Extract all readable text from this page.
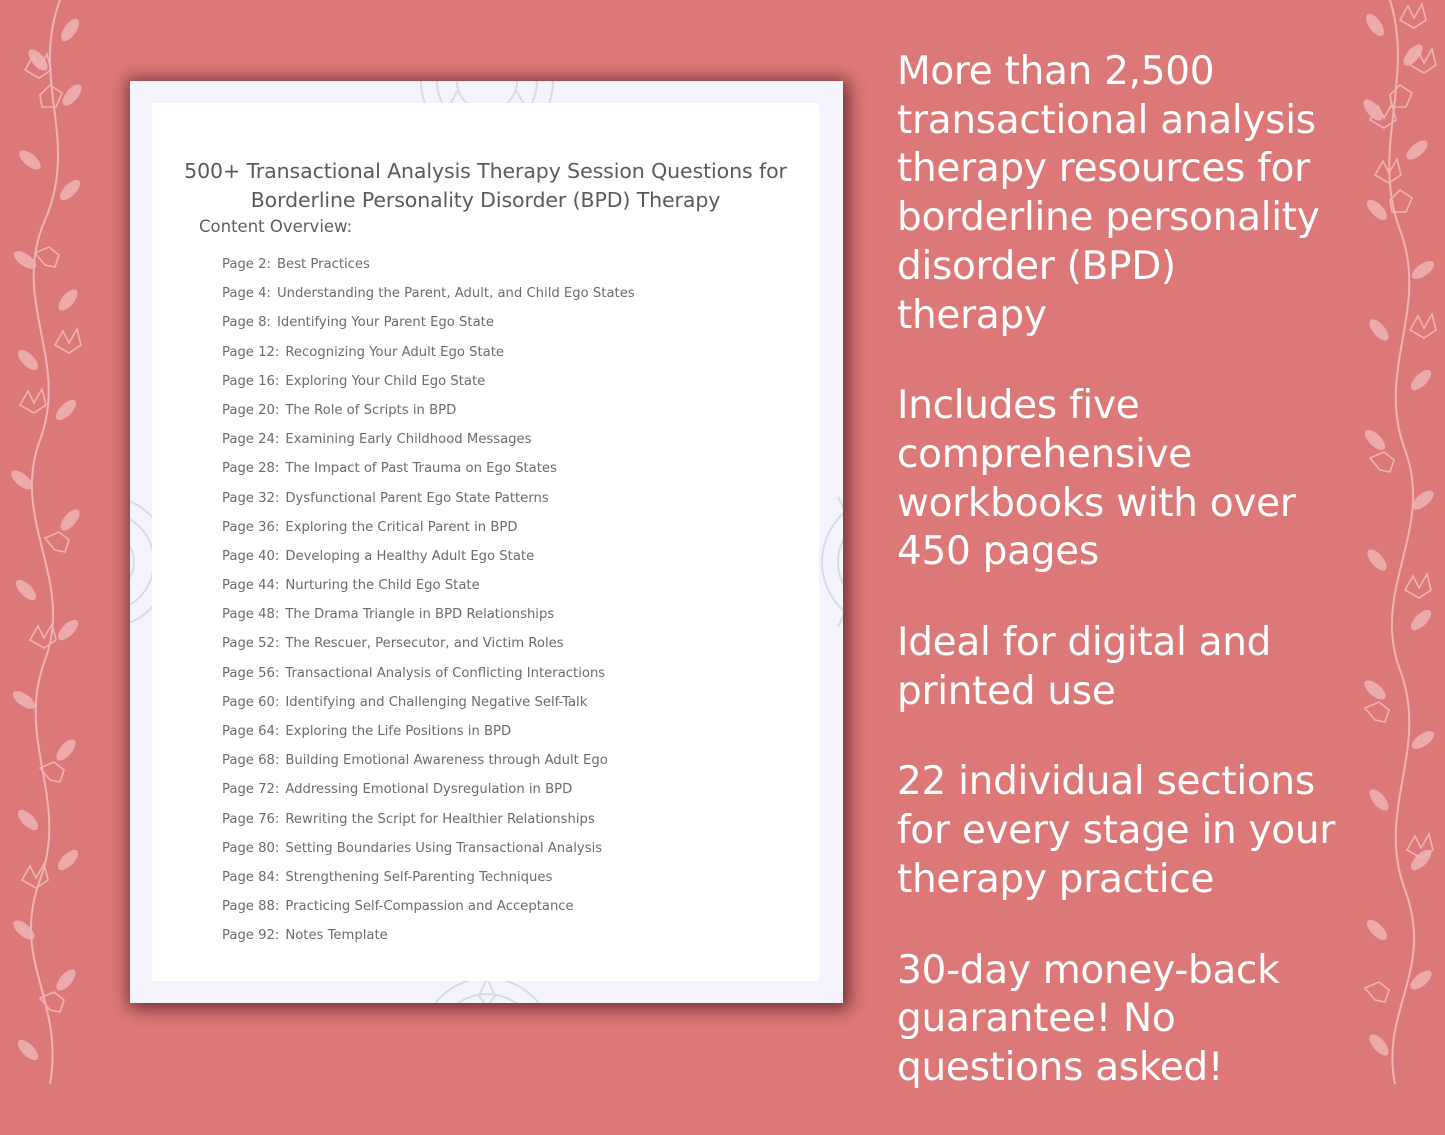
500+ Transactional Analysis Therapy Session Questions for
Borderline Personality Disorder (BPD) Therapy
Content Overview:
Page 2: Best Practices
Page 4: Understanding the Parent, Adult, and Child Ego States
Page 8: Identifying Your Parent Ego State
Page 12: Recognizing Your Adult Ego State
Page 16: Exploring Your Child Ego State
Page 20: The Role of Scripts in BPD
Page 24: Examining Early Childhood Messages
Page 28: The Impact of Past Trauma on Ego States
Page 32: Dysfunctional Parent Ego State Patterns
Page 36: Exploring the Critical Parent in BPD
Page 40: Developing a Healthy Adult Ego State
Page 44: Nurturing the Child Ego State
Page 48: The Drama Triangle in BPD Relationships
Page 52: The Rescuer, Persecutor, and Victim Roles
Page 56: Transactional Analysis of Conflicting Interactions
Page 60: Identifying and Challenging Negative Self-Talk
Page 64: Exploring the Life Positions in BPD
Page 68: Building Emotional Awareness through Adult Ego
Page 72: Addressing Emotional Dysregulation in BPD
Page 76: Rewriting the Script for Healthier Relationships
Page 80: Setting Boundaries Using Transactional Analysis
Page 84: Strengthening Self-Parenting Techniques
Page 88: Practicing Self-Compassion and Acceptance
Page 92: Notes Template

More than 2,500
transactional analysis
therapy resources for
borderline personality
disorder (BPD) therapy

Includes five
comprehensive
workbooks with over
450 pages

Ideal for digital and
printed use

22 individual sections
for every stage in your
therapy practice

30-day money-back
guarantee! No
questions asked!
